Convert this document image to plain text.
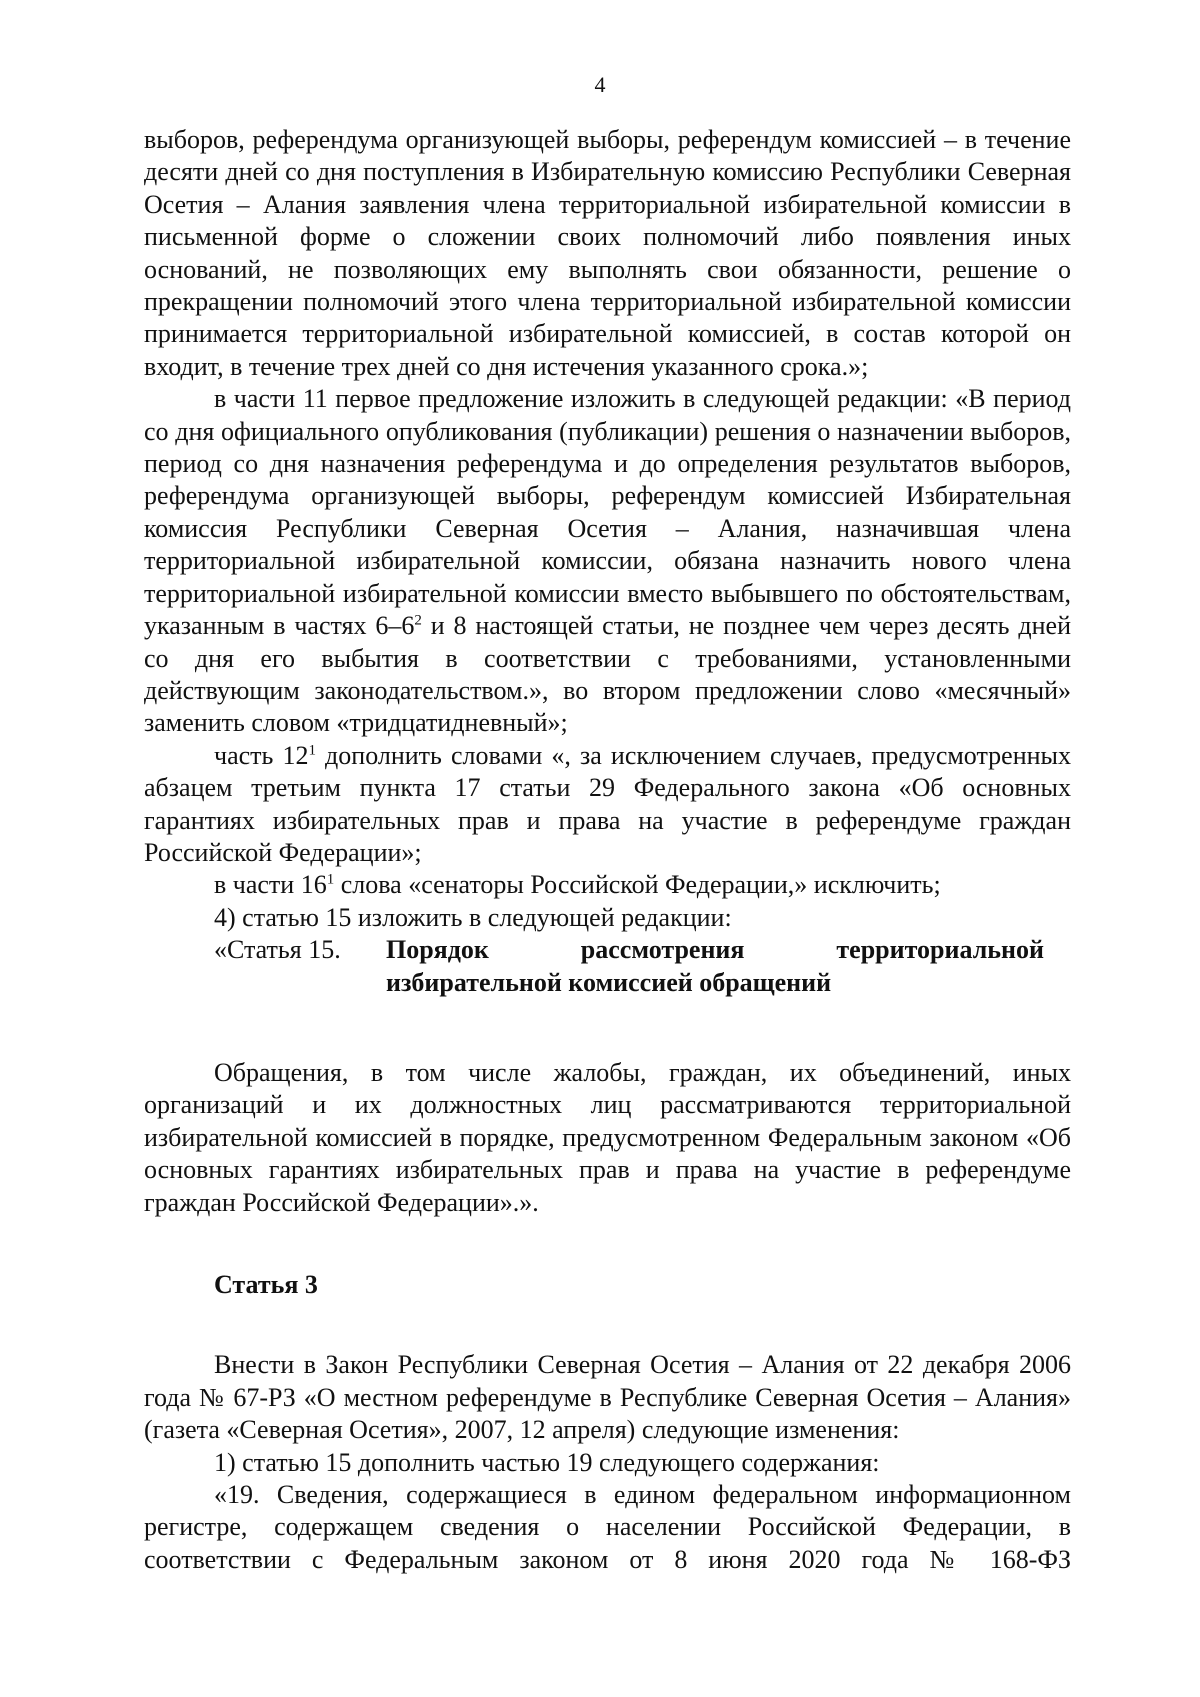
4

выборов, референдума организующей выборы, референдум комиссией – в течение десяти дней со дня поступления в Избирательную комиссию Республики Северная Осетия – Алания заявления члена территориальной избирательной комиссии в письменной форме о сложении своих полномочий либо появления иных оснований, не позволяющих ему выполнять свои обязанности, решение о прекращении полномочий этого члена территориальной избирательной комиссии принимается территориальной избирательной комиссией, в состав которой он входит, в течение трех дней со дня истечения указанного срока.»;

в части 11 первое предложение изложить в следующей редакции: «В период со дня официального опубликования (публикации) решения о назначении выборов, период со дня назначения референдума и до определения результатов выборов, референдума организующей выборы, референдум комиссией Избирательная комиссия Республики Северная Осетия – Алания, назначившая члена территориальной избирательной комиссии, обязана назначить нового члена территориальной избирательной комиссии вместо выбывшего по обстоятельствам, указанным в частях $6-6^2$ и 8 настоящей статьи, не позднее чем через десять дней со дня его выбытия в соответствии с требованиями, установленными действующим законодательством.», во втором предложении слово «месячный» заменить словом «тридцатидневный»;

часть $12^1$ дополнить словами «, за исключением случаев, предусмотренных абзацем третьим пункта 17 статьи 29 Федерального закона «Об основных гарантиях избирательных прав и права на участие в референдуме граждан Российской Федерации»;

в части $16^1$ слова «сенаторы Российской Федерации,» исключить;

4) статью 15 изложить в следующей редакции:

«Статья 15.	Порядок рассмотрения территориальной избирательной комиссией обращений

Обращения, в том числе жалобы, граждан, их объединений, иных организаций и их должностных лиц рассматриваются территориальной избирательной комиссией в порядке, предусмотренном Федеральным законом «Об основных гарантиях избирательных прав и права на участие в референдуме граждан Российской Федерации».».

Статья 3

Внести в Закон Республики Северная Осетия – Алания от 22 декабря 2006 года № 67-РЗ «О местном референдуме в Республике Северная Осетия – Алания» (газета «Северная Осетия», 2007, 12 апреля) следующие изменения:

1) статью 15 дополнить частью 19 следующего содержания:

«19. Сведения, содержащиеся в едином федеральном информационном регистре, содержащем сведения о населении Российской Федерации, в соответствии с Федеральным законом от 8 июня 2020 года № 168-ФЗ
